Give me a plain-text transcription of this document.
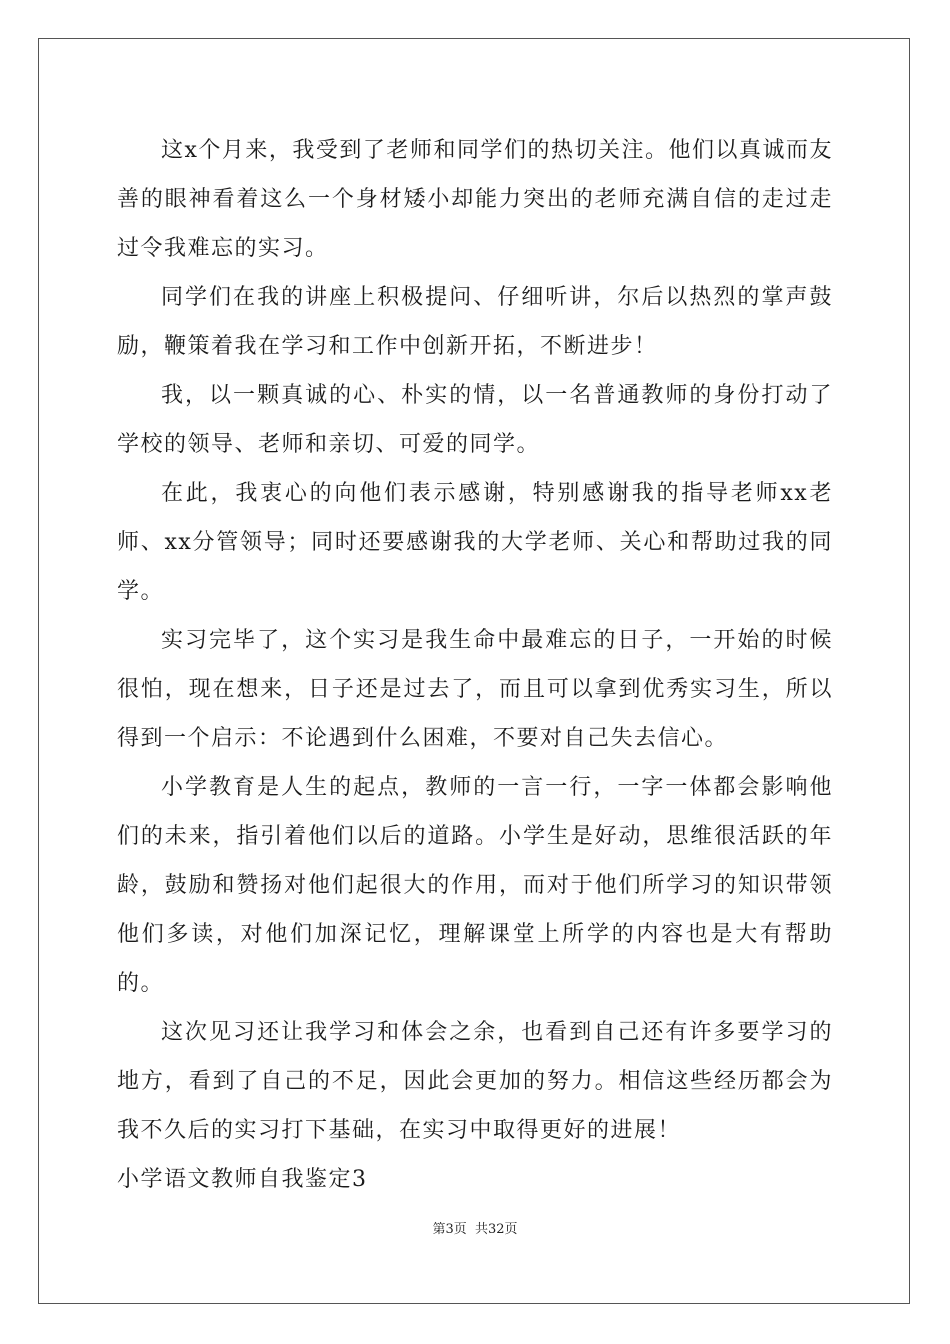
这x个月来，我受到了老师和同学们的热切关注。他们以真诚而友善的眼神看着这么一个身材矮小却能力突出的老师充满自信的走过走过令我难忘的实习。

同学们在我的讲座上积极提问、仔细听讲，尔后以热烈的掌声鼓励，鞭策着我在学习和工作中创新开拓，不断进步！

我，以一颗真诚的心、朴实的情，以一名普通教师的身份打动了学校的领导、老师和亲切、可爱的同学。

在此，我衷心的向他们表示感谢，特别感谢我的指导老师xx老师、xx分管领导；同时还要感谢我的大学老师、关心和帮助过我的同学。

实习完毕了，这个实习是我生命中最难忘的日子，一开始的时候很怕，现在想来，日子还是过去了，而且可以拿到优秀实习生，所以得到一个启示：不论遇到什么困难，不要对自己失去信心。

小学教育是人生的起点，教师的一言一行，一字一体都会影响他们的未来，指引着他们以后的道路。小学生是好动，思维很活跃的年龄，鼓励和赞扬对他们起很大的作用，而对于他们所学习的知识带领他们多读，对他们加深记忆，理解课堂上所学的内容也是大有帮助的。

这次见习还让我学习和体会之余，也看到自己还有许多要学习的地方，看到了自己的不足，因此会更加的努力。相信这些经历都会为我不久后的实习打下基础，在实习中取得更好的进展！

小学语文教师自我鉴定3

第3页 共32页
